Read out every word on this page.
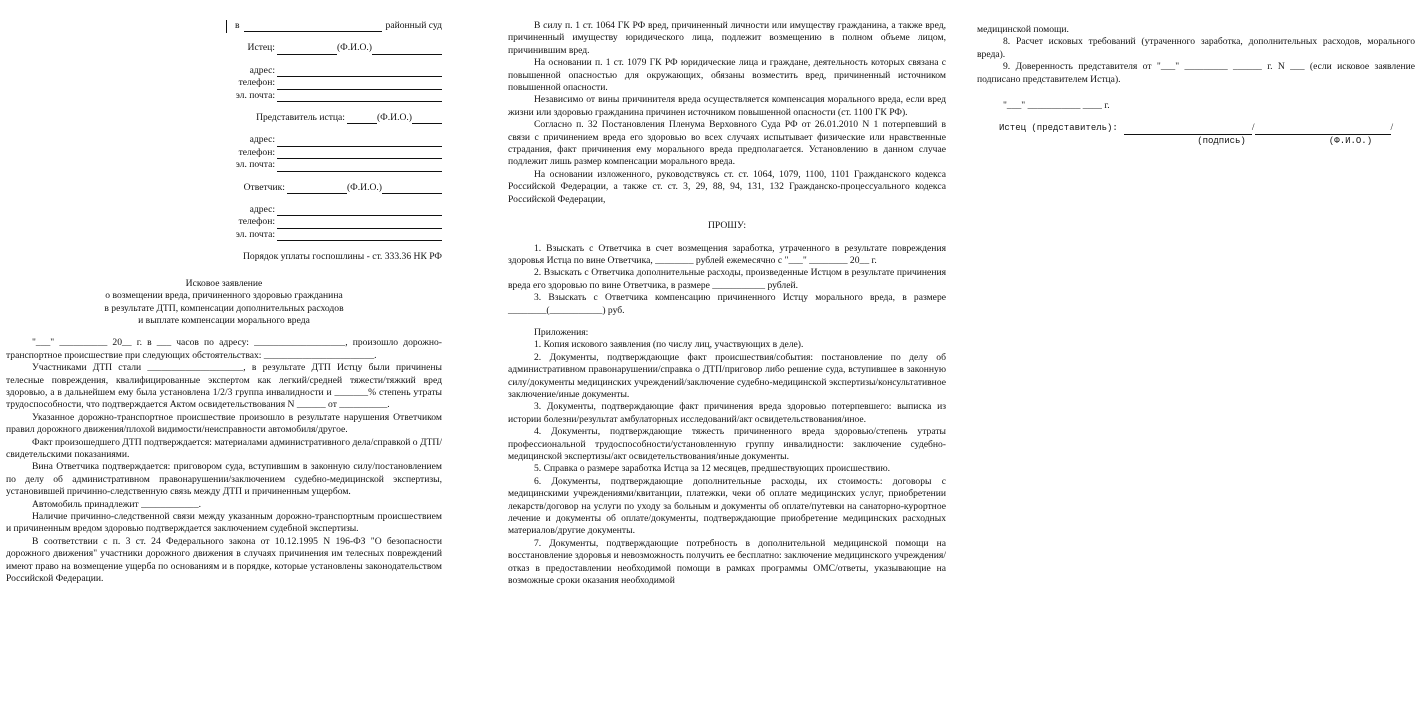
в	районный суд
Истец:	(Ф.И.О.)
адрес:
телефон:
эл. почта:
Представитель истца:	(Ф.И.О.)
адрес:
телефон:
эл. почта:
Ответчик:	(Ф.И.О.)
адрес:
телефон:
эл. почта:

Порядок уплаты госпошлины - ст. 333.36 НК РФ

Исковое заявление

о возмещении вреда, причиненного здоровью гражданина

в результате ДТП, компенсации дополнительных расходов

и выплате компенсации морального вреда

"___" __________ 20__ г. в ___ часов по адресу: ___________________, произошло дорожно-транспортное происшествие при следующих обстоятельствах: _______________________.

Участниками ДТП стали ____________________, в результате ДТП Истцу были причинены телесные повреждения, квалифицированные экспертом как легкий/средней тяжести/тяжкий вред здоровью, а в дальнейшем ему была установлена 1/2/3 группа инвалидности и _______% степень утраты трудоспособности, что подтверждается Актом освидетельствования N ______ от __________.

Указанное дорожно-транспортное происшествие произошло в результате нарушения Ответчиком правил дорожного движения/плохой видимости/неисправности автомобиля/другое.

Факт произошедшего ДТП подтверждается: материалами административного дела/справкой о ДТП/свидетельскими показаниями.

Вина Ответчика подтверждается: приговором суда, вступившим в законную силу/постановлением по делу об административном правонарушении/заключением судебно-медицинской экспертизы, установившей причинно-следственную связь между ДТП и причиненным ущербом.

Автомобиль принадлежит ____________.

Наличие причинно-следственной связи между указанным дорожно-транспортным происшествием и причиненным вредом здоровью подтверждается заключением судебной экспертизы.

В соответствии с п. 3 ст. 24 Федерального закона от 10.12.1995 N 196-ФЗ "О безопасности дорожного движения" участники дорожного движения в случаях причинения им телесных повреждений имеют право на возмещение ущерба по основаниям и в порядке, которые установлены законодательством Российской Федерации.

В силу п. 1 ст. 1064 ГК РФ вред, причиненный личности или имуществу гражданина, а также вред, причиненный имуществу юридического лица, подлежит возмещению в полном объеме лицом, причинившим вред.

На основании п. 1 ст. 1079 ГК РФ юридические лица и граждане, деятельность которых связана с повышенной опасностью для окружающих, обязаны возместить вред, причиненный источником повышенной опасности.

Независимо от вины причинителя вреда осуществляется компенсация морального вреда, если вред жизни или здоровью гражданина причинен источником повышенной опасности (ст. 1100 ГК РФ).

Согласно п. 32 Постановления Пленума Верховного Суда РФ от 26.01.2010 N 1 потерпевший в связи с причинением вреда его здоровью во всех случаях испытывает физические или нравственные страдания, факт причинения ему морального вреда предполагается. Установлению в данном случае подлежит лишь размер компенсации морального вреда.

На основании изложенного, руководствуясь ст. ст. 1064, 1079, 1100, 1101 Гражданского кодекса Российской Федерации, а также ст. ст. 3, 29, 88, 94, 131, 132 Гражданско-процессуального кодекса Российской Федерации,

ПРОШУ:

1. Взыскать с Ответчика в счет возмещения заработка, утраченного в результате повреждения здоровья Истца по вине Ответчика, ________ рублей ежемесячно с "___" ________ 20__ г.

2. Взыскать с Ответчика дополнительные расходы, произведенные Истцом в результате причинения вреда его здоровью по вине Ответчика, в размере ___________ рублей.

3. Взыскать с Ответчика компенсацию причиненного Истцу морального вреда, в размере ________(___________) руб.

Приложения:

1. Копия искового заявления (по числу лиц, участвующих в деле).

2. Документы, подтверждающие факт происшествия/события: постановление по делу об административном правонарушении/справка о ДТП/приговор либо решение суда, вступившее в законную силу/документы медицинских учреждений/заключение судебно-медицинской экспертизы/консультативное заключение/иные документы.

3. Документы, подтверждающие факт причинения вреда здоровью потерпевшего: выписка из истории болезни/результат амбулаторных исследований/акт освидетельствования/иное.

4. Документы, подтверждающие тяжесть причиненного вреда здоровью/степень утраты профессиональной трудоспособности/установленную группу инвалидности: заключение судебно-медицинской экспертизы/акт освидетельствования/иные документы.

5. Справка о размере заработка Истца за 12 месяцев, предшествующих происшествию.

6. Документы, подтверждающие дополнительные расходы, их стоимость: договоры с медицинскими учреждениями/квитанции, платежки, чеки об оплате медицинских услуг, приобретении лекарств/договор на услуги по уходу за больным и документы об оплате/путевки на санаторно-курортное лечение и документы об оплате/документы, подтверждающие приобретение медицинских расходных материалов/другие документы.

7. Документы, подтверждающие потребность в дополнительной медицинской помощи на восстановление здоровья и невозможность получить ее бесплатно: заключение медицинского учреждения/отказ в предоставлении необходимой помощи в рамках программы ОМС/ответы, указывающие на возможные сроки оказания необходимой

медицинской помощи.

8. Расчет исковых требований (утраченного заработка, дополнительных расходов, морального вреда).

9. Доверенность представителя от "___" _________ ______ г. N ___ (если исковое заявление подписано представителем Истца).

"___" ___________ ____ г.

Истец (представитель):	/	/
(подпись)	(Ф.И.О.)
